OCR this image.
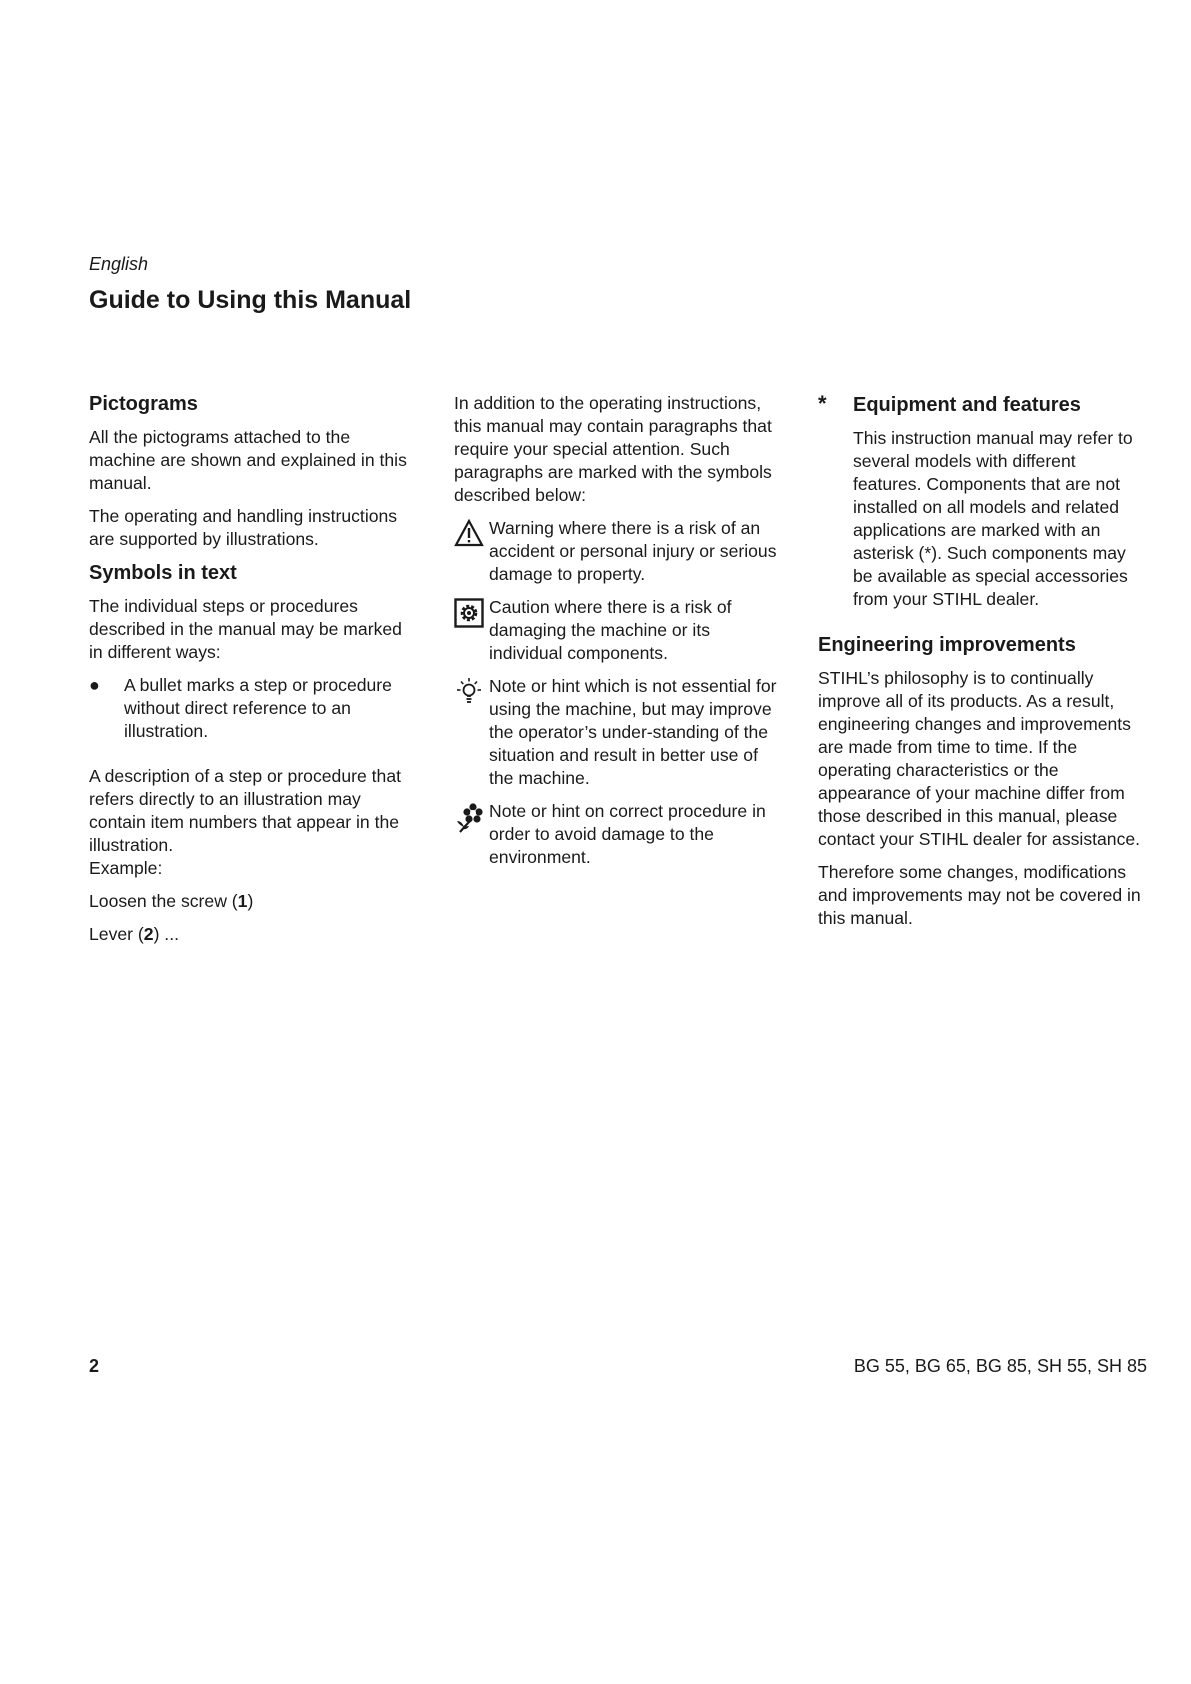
English
Guide to Using this Manual
Pictograms

All the pictograms attached to the machine are shown and explained in this manual.

The operating and handling instructions are supported by illustrations.

Symbols in text

The individual steps or procedures described in the manual may be marked in different ways:

●	A bullet marks a step or procedure without direct reference to an illustration.

A description of a step or procedure that refers directly to an illustration may contain item numbers that appear in the illustration.

Example:

Loosen the screw (1)

Lever (2) ...

In addition to the operating instructions, this manual may contain paragraphs that require your special attention. Such paragraphs are marked with the symbols described below:

Warning where there is a risk of an accident or personal injury or serious damage to property.
Caution where there is a risk of damaging the machine or its individual components.
Note or hint which is not essential for using the machine, but may improve the operator’s under-standing of the situation and result in better use of the machine.
Note or hint on correct procedure in order to avoid damage to the environment.
*	Equipment and features

This instruction manual may refer to several models with different features. Components that are not installed on all models and related applications are marked with an asterisk (*). Such components may be available as special accessories from your STIHL dealer.

Engineering improvements

STIHL’s philosophy is to continually improve all of its products. As a result, engineering changes and improvements are made from time to time. If the operating characteristics or the appearance of your machine differ from those described in this manual, please contact your STIHL dealer for assistance.

Therefore some changes, modifications and improvements may not be covered in this manual.

2	BG 55, BG 65, BG 85, SH 55, SH 85
